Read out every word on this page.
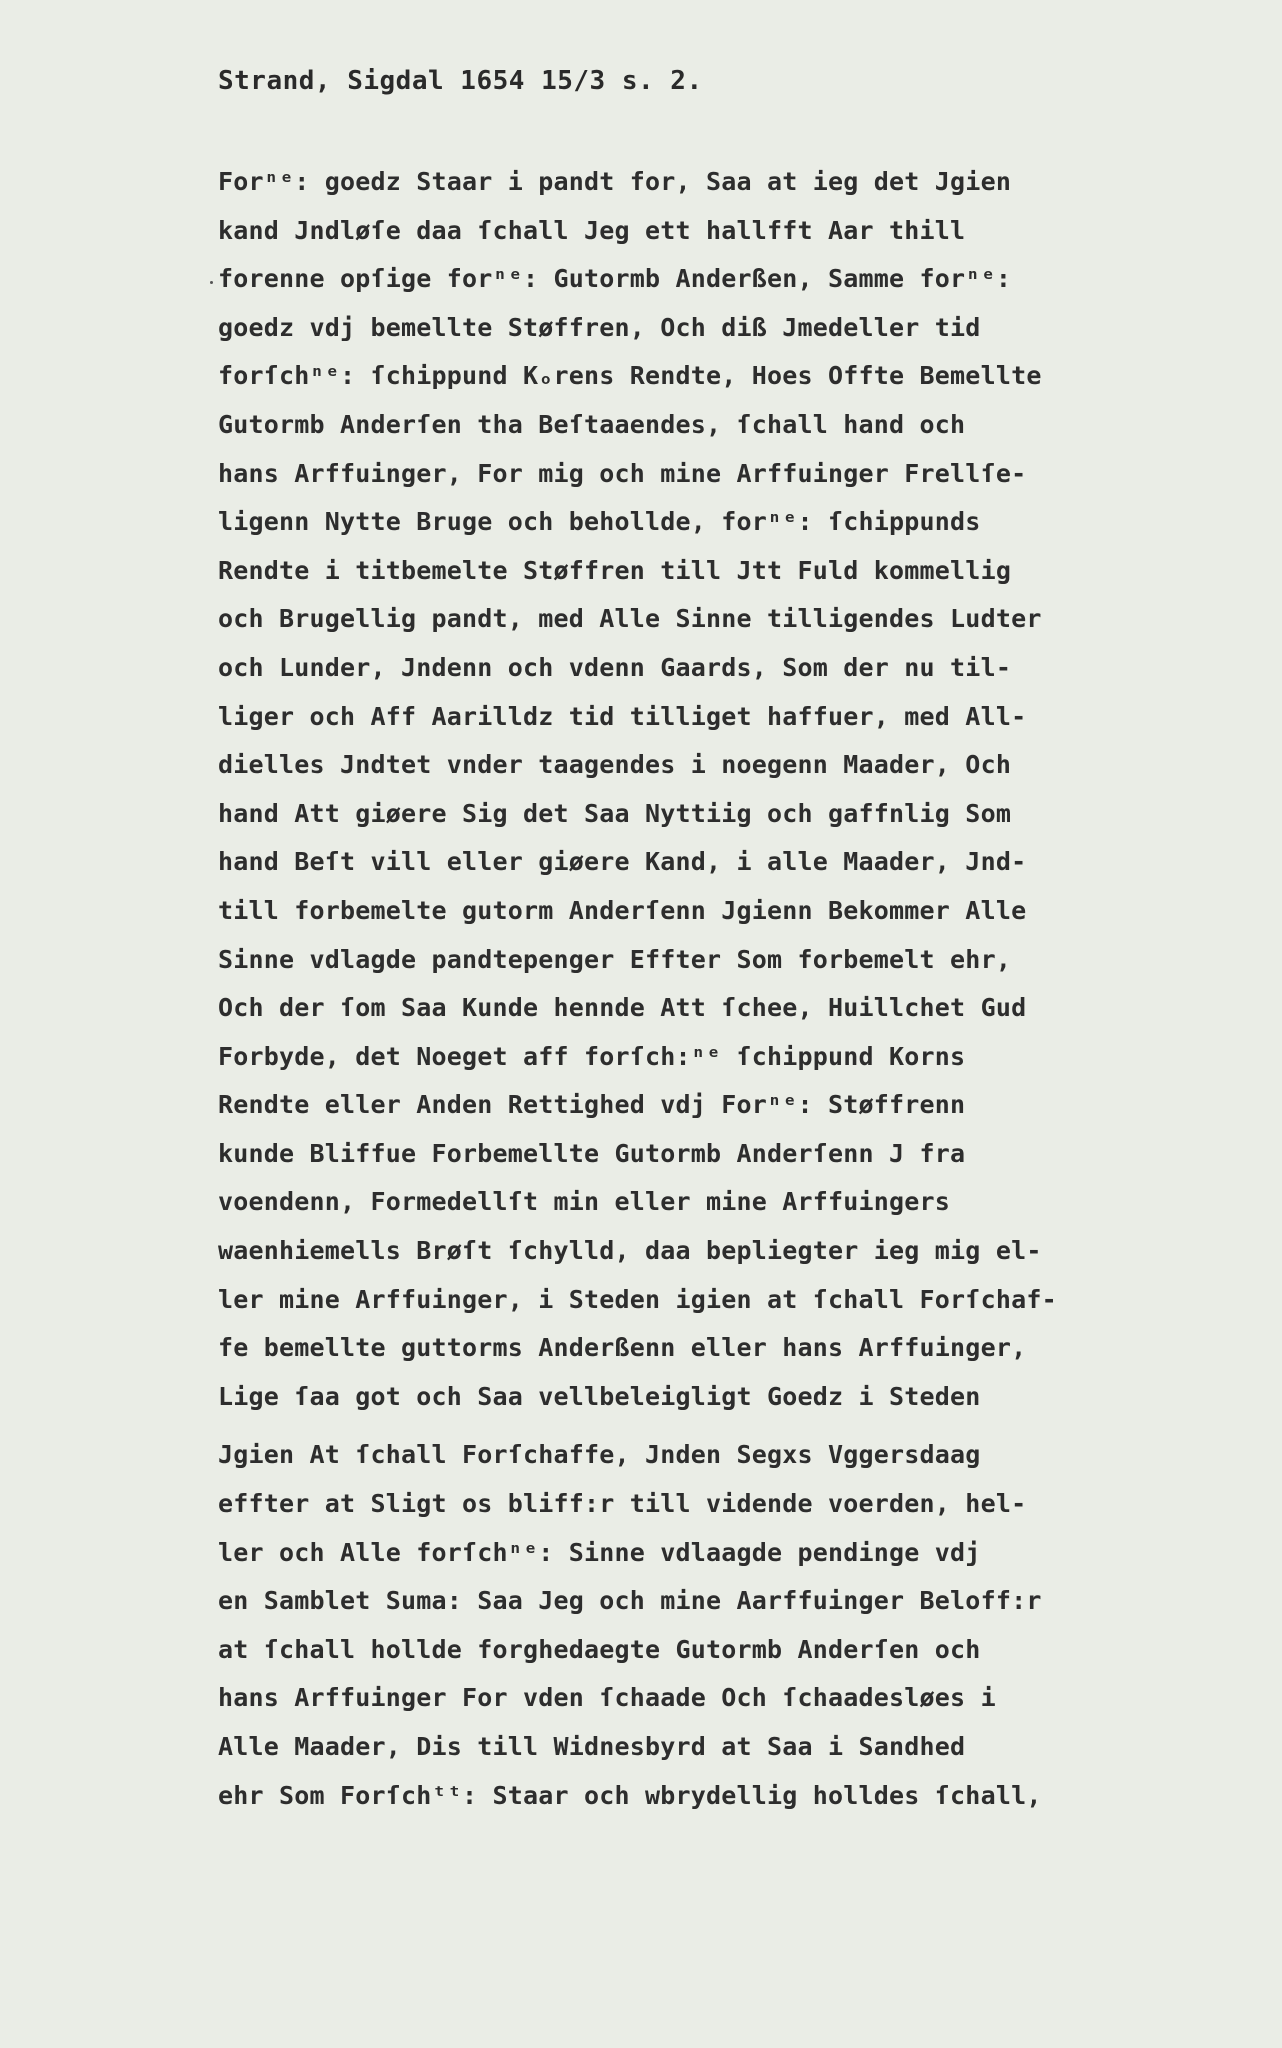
Strand, Sigdal 1654 15/3 s. 2.
Forⁿᵉ: goedz Staar i pandt for, Saa at ieg det Jgien
kand Jndløſe daa ſchall Jeg ett hallfft Aar thill
forenne opſige forⁿᵉ: Gutormb Anderßen, Samme forⁿᵉ:
goedz vdj bemellte Støffren, Och diß Jmedeller tid
forſchⁿᵉ: ſchippund Kₒrens Rendte, Hoes Offte Bemellte
Gutormb Anderſen tha Beſtaaendes, ſchall hand och
hans Arffuinger, For mig och mine Arffuinger Frellſe-
ligenn Nytte Bruge och behollde, forⁿᵉ: ſchippunds
Rendte i titbemelte Støffren till Jtt Fuld kommellig
och Brugellig pandt, med Alle Sinne tilligendes Ludter
och Lunder, Jndenn och vdenn Gaards, Som der nu til-
liger och Aff Aarilldz tid tilliget haffuer, med All-
dielles Jndtet vnder taagendes i noegenn Maader, Och
hand Att giøere Sig det Saa Nyttiig och gaffnlig Som
hand Beſt vill eller giøere Kand, i alle Maader, Jnd-
till forbemelte gutorm Anderſenn Jgienn Bekommer Alle
Sinne vdlagde pandtepenger Effter Som forbemelt ehr,
Och der ſom Saa Kunde hennde Att ſchee, Huillchet Gud
Forbyde, det Noeget aff forſch:ⁿᵉ ſchippund Korns
Rendte eller Anden Rettighed vdj Forⁿᵉ: Støffrenn
kunde Bliffue Forbemellte Gutormb Anderſenn J fra
voendenn, Formedellſt min eller mine Arffuingers
waenhiemells Brøſt ſchylld, daa bepliegter ieg mig el-
ler mine Arffuinger, i Steden igien at ſchall Forſchaf-
fe bemellte guttorms Anderßenn eller hans Arffuinger,
Lige ſaa got och Saa vellbeleigligt Goedz i Steden
Jgien At ſchall Forſchaffe, Jnden Segxs Vggersdaag
effter at Sligt os bliff:r till vidende voerden, hel-
ler och Alle forſchⁿᵉ: Sinne vdlaagde pendinge vdj
en Samblet Suma: Saa Jeg och mine Aarffuinger Beloff:r
at ſchall hollde forghedaegte Gutormb Anderſen och
hans Arffuinger For vden ſchaade Och ſchaadesløes i
Alle Maader, Dis till Widnesbyrd at Saa i Sandhed
ehr Som Forſchᵗᵗ: Staar och wbrydellig holldes ſchall,
